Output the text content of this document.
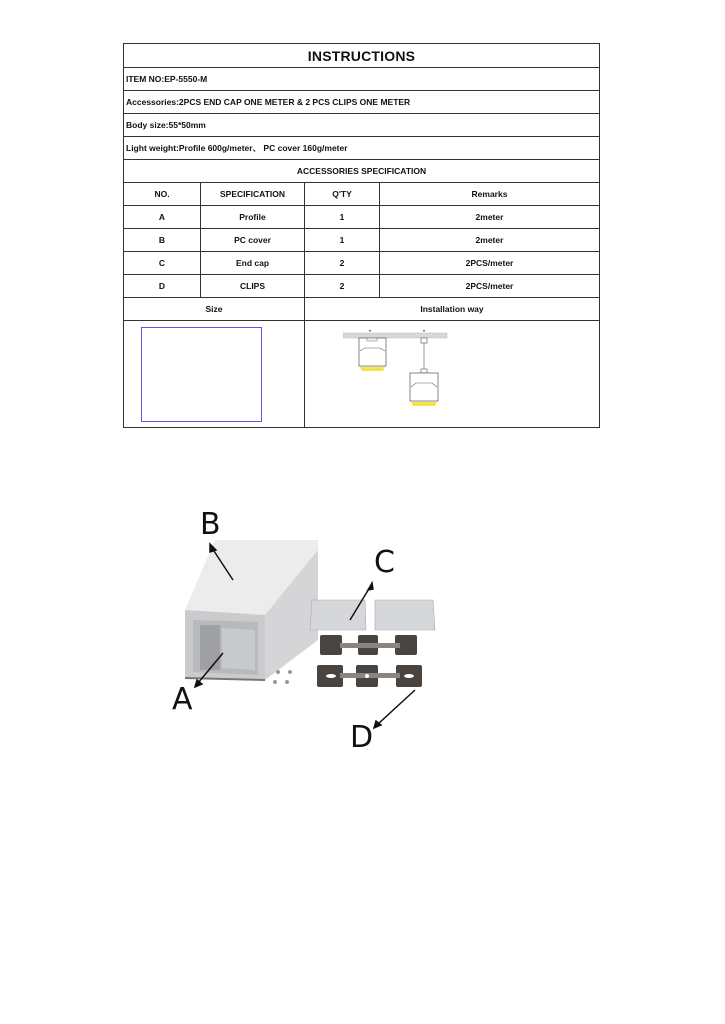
INSTRUCTIONS
ITEM NO:EP-5550-M
Accessories:2PCS END CAP ONE METER & 2 PCS CLIPS ONE METER
Body size:55*50mm
Light weight:Profile 600g/meter、 PC cover 160g/meter
ACCESSORIES SPECIFICATION
NO.	SPECIFICATION	Q'TY	Remarks
A	Profile	1	2meter
B	PC cover	1	2meter
C	End cap	2	2PCS/meter
D	CLIPS	2	2PCS/meter
Size	Installation way
▾	▾
B
A
C
D
